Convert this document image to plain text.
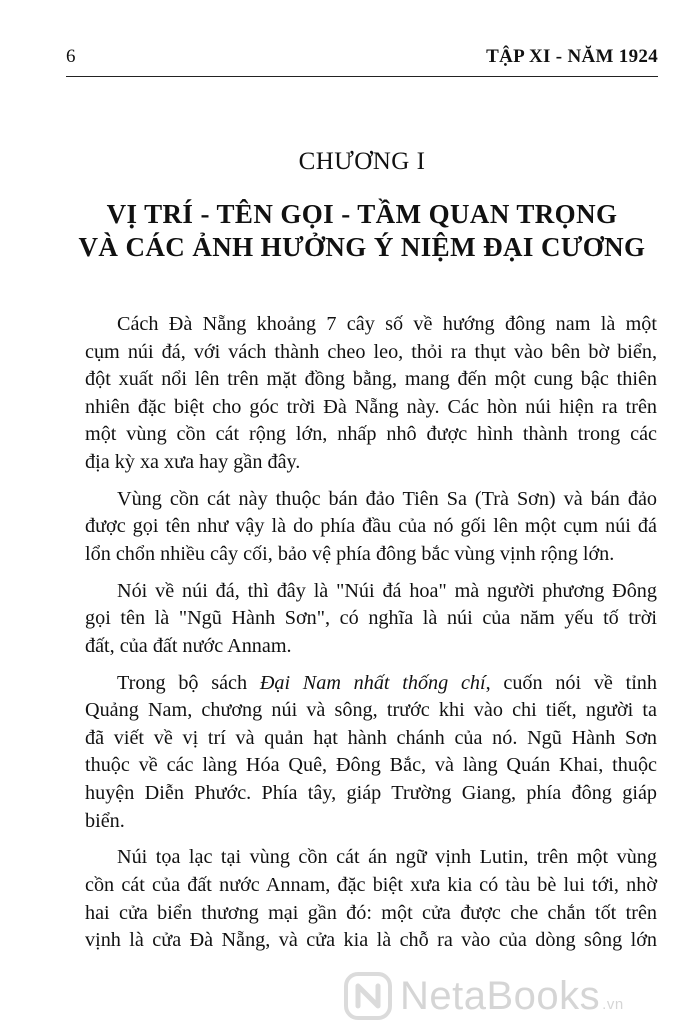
6	TẬP XI - NĂM 1924
CHƯƠNG I
VỊ TRÍ - TÊN GỌI - TẦM QUAN TRỌNG
VÀ CÁC ẢNH HƯỞNG Ý NIỆM ĐẠI CƯƠNG
Cách Đà Nẵng khoảng 7 cây số về hướng đông nam là một
cụm núi đá, với vách thành cheo leo, thỏi ra thụt vào bên bờ biển,
đột xuất nổi lên trên mặt đồng bằng, mang đến một cung bậc thiên
nhiên đặc biệt cho góc trời Đà Nẵng này. Các hòn núi hiện ra trên
một vùng cồn cát rộng lớn, nhấp nhô được hình thành trong các
địa kỳ xa xưa hay gần đây.
Vùng cồn cát này thuộc bán đảo Tiên Sa (Trà Sơn) và bán đảo
được gọi tên như vậy là do phía đầu của nó gối lên một cụm núi đá
lổn chổn nhiều cây cối, bảo vệ phía đông bắc vùng vịnh rộng lớn.
Nói về núi đá, thì đây là "Núi đá hoa" mà người phương Đông
gọi tên là "Ngũ Hành Sơn", có nghĩa là núi của năm yếu tố trời
đất, của đất nước Annam.
Trong bộ sách Đại Nam nhất thống chí, cuốn nói về tỉnh
Quảng Nam, chương núi và sông, trước khi vào chi tiết, người ta
đã viết về vị trí và quản hạt hành chánh của nó. Ngũ Hành Sơn
thuộc về các làng Hóa Quê, Đông Bắc, và làng Quán Khai, thuộc
huyện Diễn Phước. Phía tây, giáp Trường Giang, phía đông giáp
biển.
Núi tọa lạc tại vùng cồn cát án ngữ vịnh Lutin, trên một vùng
cồn cát của đất nước Annam, đặc biệt xưa kia có tàu bè lui tới, nhờ
hai cửa biển thương mại gần đó: một cửa được che chắn tốt trên
vịnh là cửa Đà Nẵng, và cửa kia là chỗ ra vào của dòng sông lớn
NetaBooks .vn
